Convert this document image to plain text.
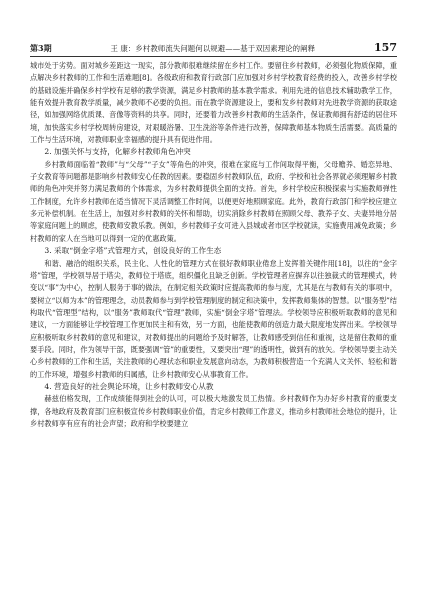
第3期	王 康：乡村教师流失问题何以规避——基于双因素理论的阐释	157

城市处于劣势。面对城乡差距这一现实，部分教师很难继续留在乡村工作。要留住乡村教师，必须强化物质保障，重点解决乡村教师的工作和生活难题[8]。各级政府和教育行政部门应加强对乡村学校教育经费的投入，改善乡村学校的基础设施并确保乡村学校有足够的教学资源，满足乡村教师的基本教学需求。利用先进的信息技术辅助教学工作，能有效提升教育教学质量，减少教师不必要的负担。而在教学资源建设上，要和发乡村教师对先进教学资源的获取途径，如加强网络优质课、音像等资料的共享。同时，还要着力改善乡村教师的生活条件，保证教师拥有舒适的居住环境，加快落实乡村学校周转房建设，对艰暖浴暑、卫生洗浴等条件进行改善，保障教师基本物质生活需要。高质量的工作与生活环境，对教师职业幸福感的提升具有促进作用。

2. 加强关怀与支持，化解乡村教师角色冲突

乡村教师面临着“教师”与“父母”“子女”等角色的冲突，很难在家庭与工作间取得平衡，父母赡养、婚恋异地、子女教育等问题都是影响乡村教师安心任教的因素。要稳固乡村教师队伍，政府、学校和社会各界就必须理解乡村教师的角色冲突并努力满足教师的个体需求，为乡村教师提供全面的支持。首先，乡村学校应积极探索与实施教师弹性工作制度，允许乡村教师在适当情况下灵活调整工作时间，以便更好地照顾家庭。此外，教育行政部门和学校应建立多元补偿机制。在生活上，加强对乡村教师的关怀和帮助，切实消除乡村教师在照顾父母、教养子女、夫妻异地分居等家庭问题上的顾虑，使教师安教乐教。例如，乡村教师子女可进入县城或者市区学校就读，实施费用减免政策；乡村教师的家人在当地可以得到一定的优惠政策。

3. 采取“倒金字塔”式管理方式，创设良好的工作生态

和谐、融洽的组织关系，民主化、人性化的管理方式在很好教师职业倦怠上发挥着关键作用[18]，以往的“金字塔”管理，学校领导居于塔尖，教师位于塔底，组织僵化且缺乏创新。学校管理者应摒弃以往独裁式的管理模式，转变以“事”为中心，控制人服务于事的做法，在制定相关政策时应提高教师的参与度，尤其是在与教师有关的事项中，要树立“以师为本”的管理理念，动员教师参与到学校管理制度的制定和决策中，发挥教师集体的智慧。以“服务型”结构取代“管理型”结构，以“服务”教师取代“管理”教师，实施“倒金字塔”管理法。学校领导应积极听取教师的意见和建议，一方面能够让学校管理工作更加民主和有效，另一方面，也能使教师的创造力最大限度地发挥出来。学校领导应积极听取乡村教师的意见和建议，对教师提出的问题给予及时解答，让教师感受到信任和重视，这是留住教师的重要手段。同时，作为领导干部，既要强调“管”的重要性，又要突出“理”的透明性，做到有的放矢。学校领导要主动关心乡村教师的工作和生活，关注教师的心理状态和职业发展意向动态，为教师积极营造一个充满人文关怀、轻松和谐的工作环境，增强乡村教师的归属感，让乡村教师安心从事教育工作。

4. 营造良好的社会舆论环境，让乡村教师安心从教

赫兹伯格发现，工作成绩能得到社会的认可，可以极大地激发员工热情。乡村教师作为办好乡村教育的重要支撑，各地政府及教育部门应积极宣传乡村教师职业价值，肯定乡村教师工作意义，推动乡村教师社会地位的提升，让乡村教师享有应有的社会声望；政府和学校要建立
